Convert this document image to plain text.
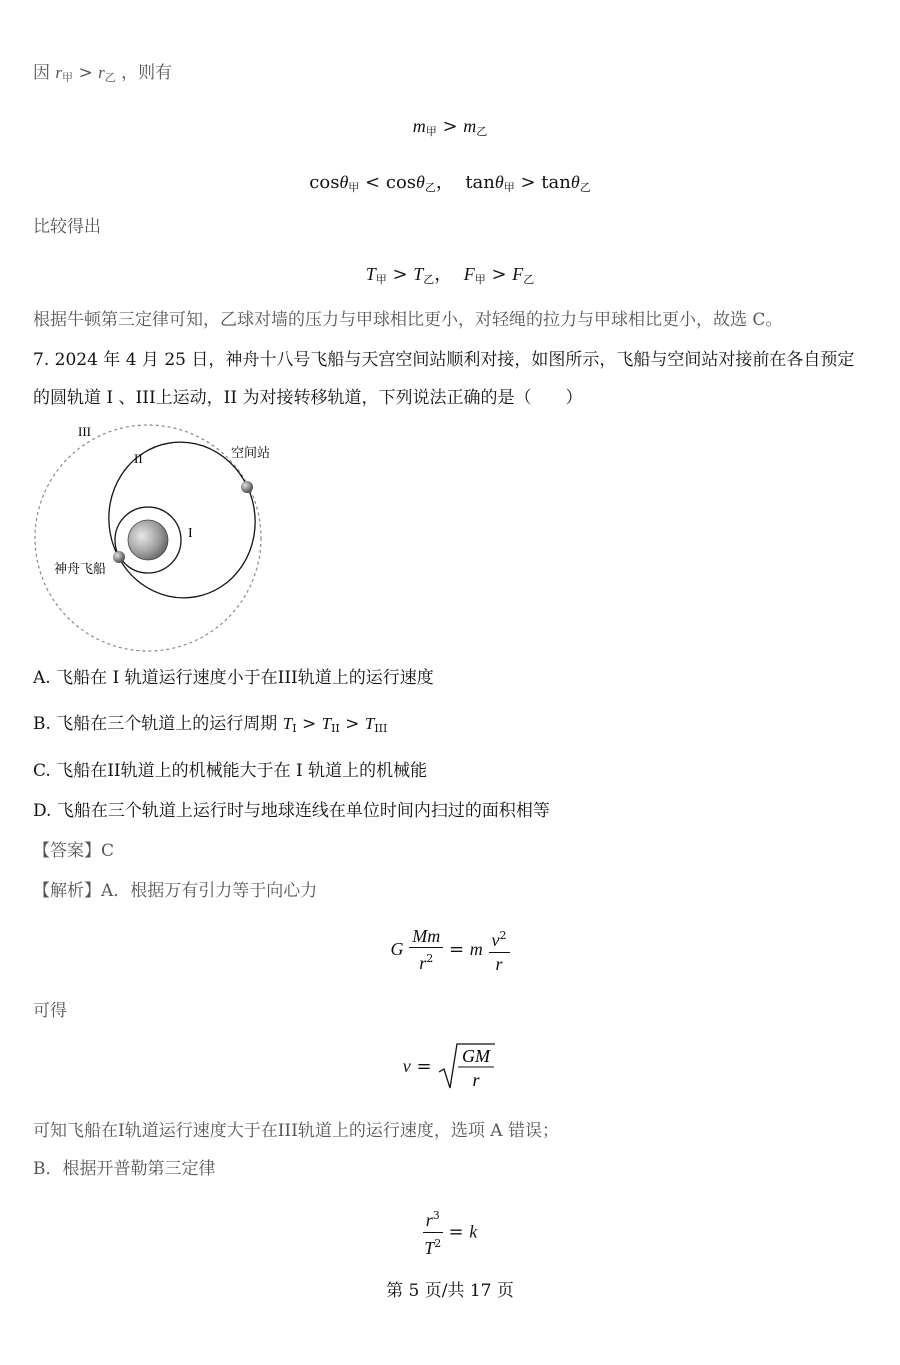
因 $r_甲 > r_乙$ ，则有
$m_甲 > m_乙$
cosθ$_甲$ < cosθ$_乙$， tanθ$_甲$ > tanθ$_乙$
比较得出
$T_甲 > T_乙$， $F_甲 > F_乙$
根据牛顿第三定律可知，乙球对墙的压力与甲球相比更小，对轻绳的拉力与甲球相比更小，故选 C。
7. 2024 年 4 月 25 日，神舟十八号飞船与天宫空间站顺利对接，如图所示，飞船与空间站对接前在各自预定
的圆轨道 Ⅰ 、III上运动，II 为对接转移轨道，下列说法正确的是（　　）
III
II
I
空间站
神舟飞船
A. 飞船在 I 轨道运行速度小于在III轨道上的运行速度
B. 飞船在三个轨道上的运行周期 $T_I > T_{II} > T_{III}$
C. 飞船在II轨道上的机械能大于在 I 轨道上的机械能
D. 飞船在三个轨道上运行时与地球连线在单位时间内扫过的面积相等
【答案】C
【解析】A．根据万有引力等于向心力
G $\frac{Mm}{r^2} = m \frac{v^2}{r}$
可得
v = GM
r
可知飞船在I轨道运行速度大于在III轨道上的运行速度，选项 A 错误；
B．根据开普勒第三定律
$\frac{r^3}{T^2} = k$
第 5 页/共 17 页
